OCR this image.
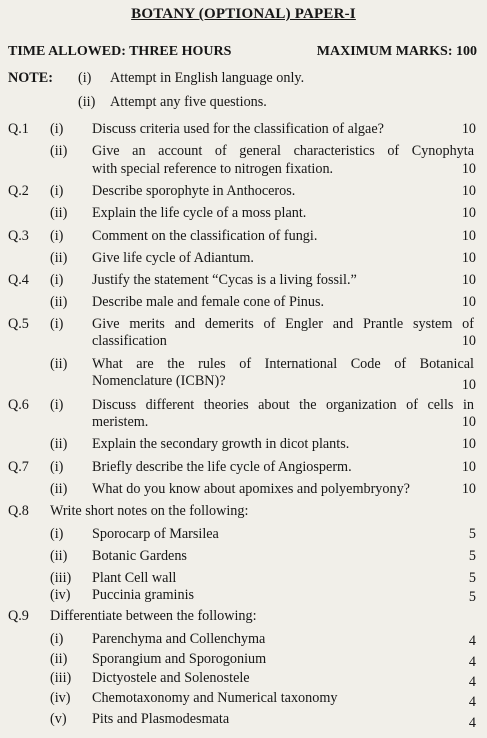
BOTANY (OPTIONAL) PAPER-I
TIME ALLOWED: THREE HOURS	MAXIMUM MARKS: 100
NOTE: (i) Attempt in English language only.
(ii) Attempt any five questions.
Q.1 (i) Discuss criteria used for the classification of algae?	10
(ii) Give an account of general characteristics of Cynophyta
with special reference to nitrogen fixation.	10
Q.2 (i) Describe sporophyte in Anthoceros.	10
(ii) Explain the life cycle of a moss plant.	10
Q.3 (i) Comment on the classification of fungi.	10
(ii) Give life cycle of Adiantum.	10
Q.4 (i) Justify the statement “Cycas is a living fossil.”	10
(ii) Describe male and female cone of Pinus.	10
Q.5 (i) Give merits and demerits of Engler and Prantle system of
classification	10
(ii) What are the rules of International Code of Botanical
Nomenclature (ICBN)?	10
Q.6 (i) Discuss different theories about the organization of cells in
meristem.	10
(ii) Explain the secondary growth in dicot plants.	10
Q.7 (i) Briefly describe the life cycle of Angiosperm.	10
(ii) What do you know about apomixes and polyembryony?	10
Q.8 Write short notes on the following:
(i) Sporocarp of Marsilea	5
(ii) Botanic Gardens	5
(iii) Plant Cell wall	5
(iv) Puccinia graminis	5
Q.9 Differentiate between the following:
(i) Parenchyma and Collenchyma	4
(ii) Sporangium and Sporogonium	4
(iii) Dictyostele and Solenostele	4
(iv) Chemotaxonomy and Numerical taxonomy	4
(v) Pits and Plasmodesmata	4
